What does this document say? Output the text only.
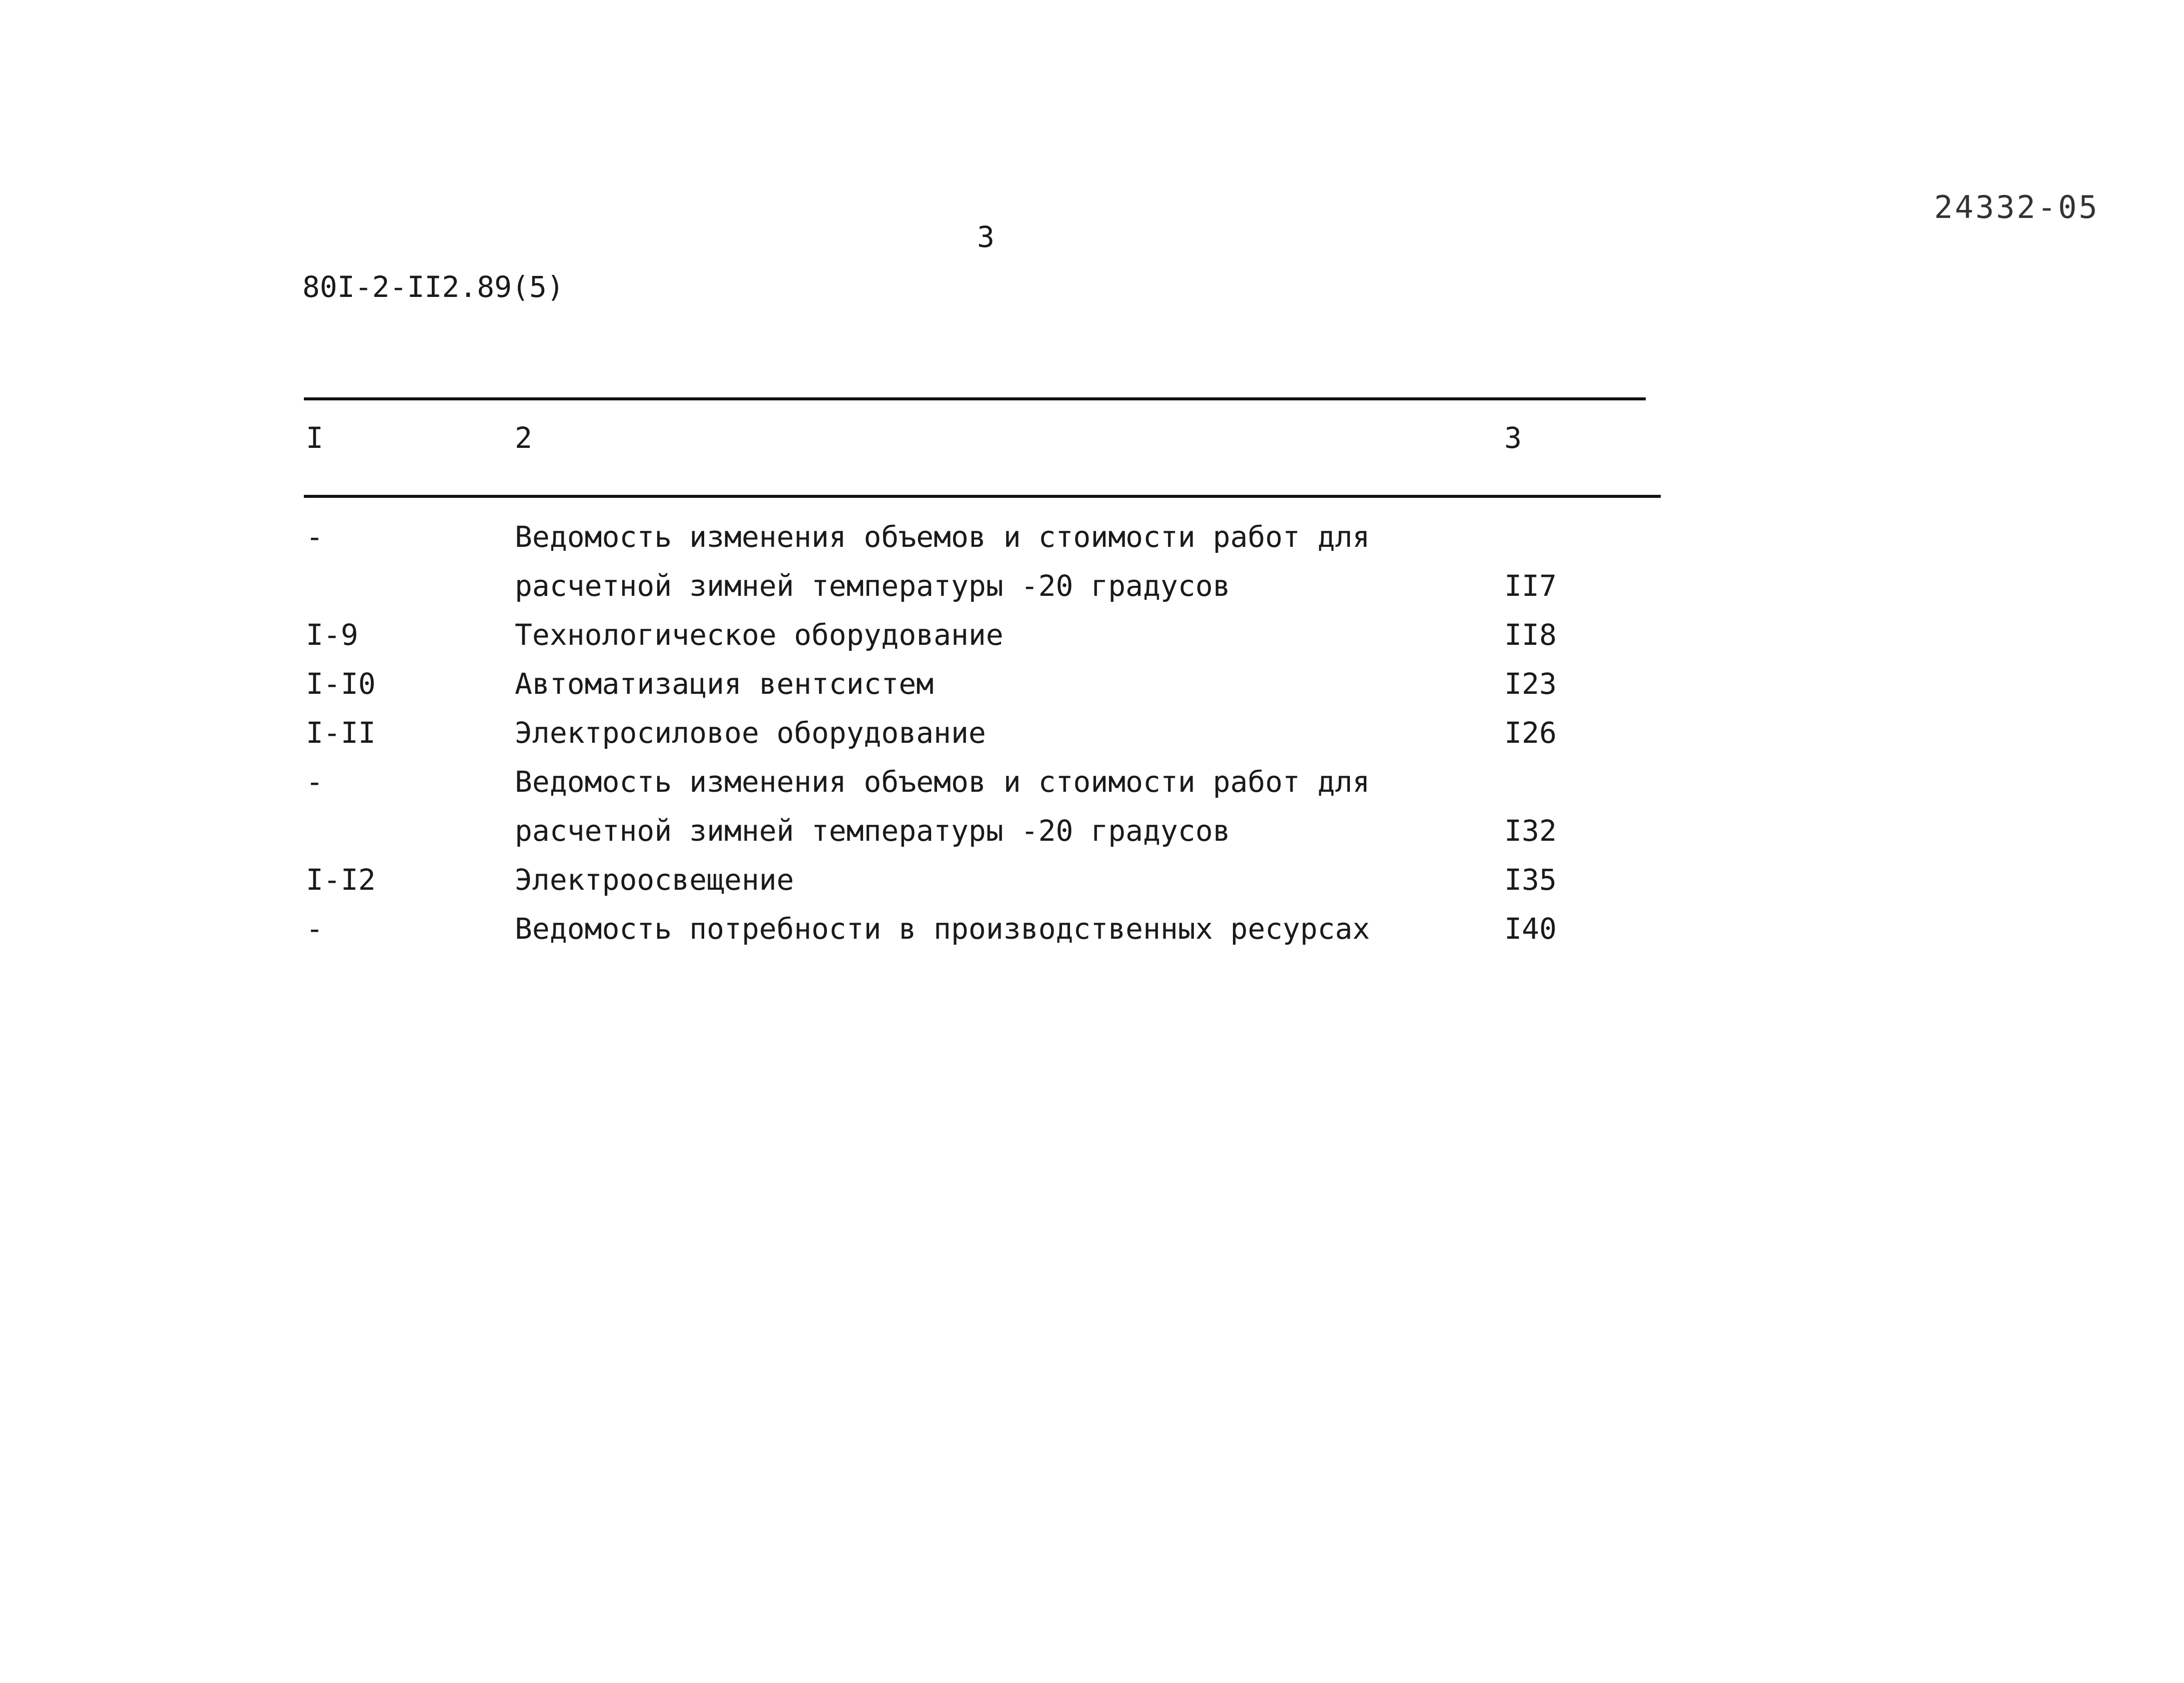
24332-05
3
80I-2-II2.89(5)
I	2	3
-	Ведомость изменения объемов и стоимости работ для
расчетной зимней температуры -20 градусов	II7
I-9	Технологическое оборудование	II8
I-I0	Автоматизация вентсистем	I23
I-II	Электросиловое оборудование	I26
-	Ведомость изменения объемов и стоимости работ для
расчетной зимней температуры -20 градусов	I32
I-I2	Электроосвещение	I35
-	Ведомость потребности в производственных ресурсах	I40
